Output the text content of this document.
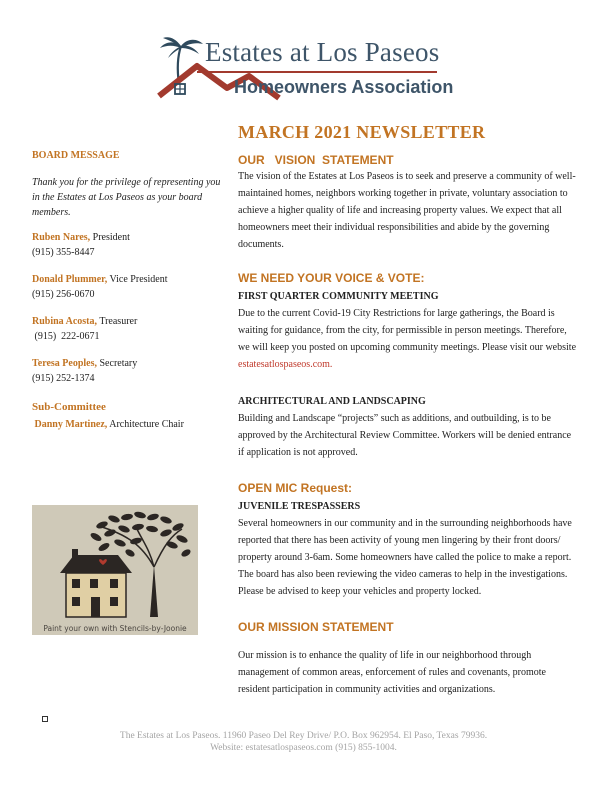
Estates at Los Paseos
Homeowners Association

BOARD MESSAGE

Thank you for the privilege of representing you in the Estates at Los Paseos as your board members.

Ruben Nares, President
(915) 355-8447
Donald Plummer, Vice President
(915) 256-0670
Rubina Acosta, Treasurer
(915)  222-0671
Teresa Peoples, Secretary
(915) 252-1374
Sub-Committee
Danny Martinez, Architecture Chair
Paint your own with Stencils-by-Joonie
MARCH 2021 NEWSLETTER
OUR   VISION  STATEMENT

The vision of the Estates at Los Paseos is to seek and preserve a community of well-maintained homes, neighbors working together in private, voluntary association to achieve a higher quality of life and increasing property values. We expect that all homeowners meet their individual responsibilities and abide by the governing documents.

WE NEED YOUR VOICE & VOTE:

FIRST QUARTER COMMUNITY MEETING

Due to the current Covid-19 City Restrictions for large gatherings, the Board is waiting for guidance, from the city, for permissible in person meetings. Therefore, we will keep you posted on upcoming community meetings. Please visit our website estatesatlospaseos.com.

ARCHITECTURAL AND LANDSCAPING

Building and Landscape “projects” such as additions, and outbuilding, is to be approved by the Architectural Review Committee. Workers will be denied entrance if application is not approved.

OPEN MIC Request:

JUVENILE TRESPASSERS

Several homeowners in our community and in the surrounding neighborhoods have reported that there has been activity of young men lingering by their front doors/ property around 3-6am. Some homeowners have called the police to make a report. The board has also been reviewing the video cameras to help in the investigations. Please be advised to keep your vehicles and property locked.

OUR MISSION STATEMENT

Our mission is to enhance the quality of life in our neighborhood through management of common areas, enforcement of rules and covenants, promote resident participation in community activities and organizations.

The Estates at Los Paseos. 11960 Paseo Del Rey Drive/ P.O. Box 962954. El Paso, Texas 79936.
Website: estatesatlospaseos.com (915) 855-1004.
